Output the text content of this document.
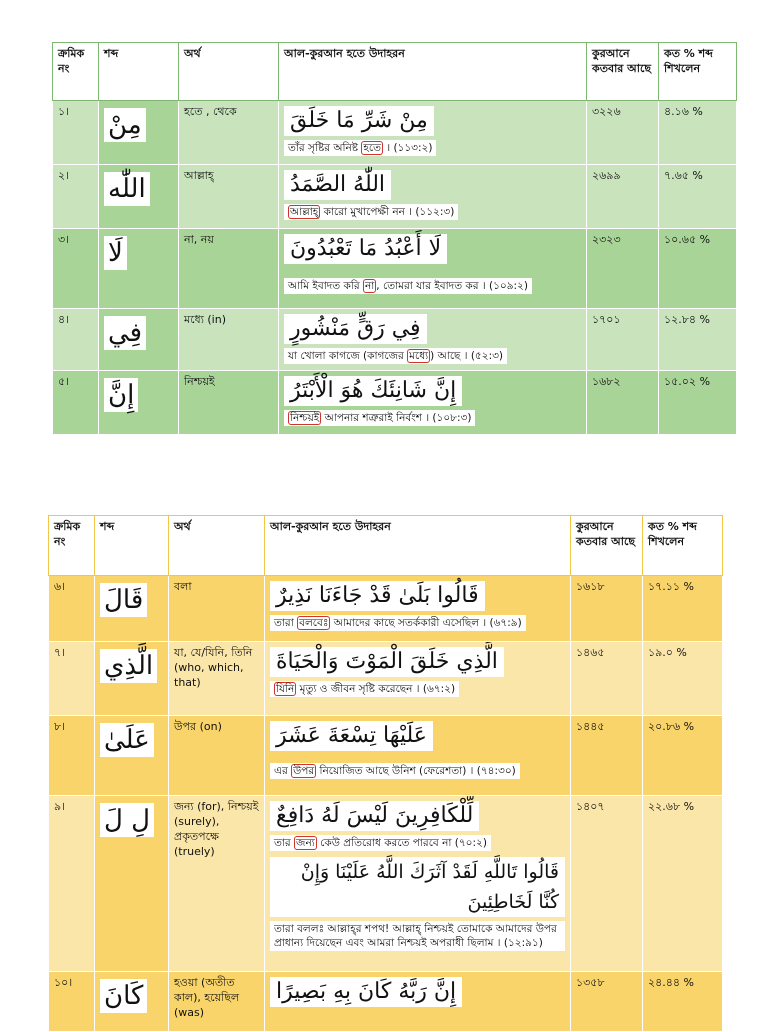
ক্রমিক নং	শব্দ	অর্থ	আল-কুরআন হতে উদাহরন	কুরআনে কতবার আছে	কত % শব্দ শিখলেন
১।	مِنْ	হতে , থেকে	مِنْ شَرِّ مَا خَلَقَ
তাঁর সৃষ্টির অনিষ্ট হতে । (১১৩:২)	৩২২৬	৪.১৬ %
২।	اللّٰه	আল্লাহ্‌	اللّٰهُ الصَّمَدُ
আল্লাহ্‌ কারো মুখাপেক্ষী নন । (১১২:৩)	২৬৯৯	৭.৬৫ %
৩।	لَا	না, নয়	لَا أَعْبُدُ مَا تَعْبُدُونَ
আমি ইবাদত করি না , তোমরা যার ইবাদত কর । (১০৯:২)	২৩২৩	১০.৬৫ %
৪।	فِي	মধ্যে (in)	فِي رَقٍّ مَنْشُورٍ
যা খোলা কাগজে (কাগজের মধ্যে ) আছে । (৫২:৩)	১৭০১	১২.৮৪ %
৫।	إِنَّ	নিশ্চয়ই	إِنَّ شَانِئَكَ هُوَ الْأَبْتَرُ
নিশ্চয়ই আপনার শত্রুরাই নির্বংশ । (১০৮:৩)	১৬৮২	১৫.০২ %
ক্রমিক নং	শব্দ	অর্থ	আল-কুরআন হতে উদাহরন	কুরআনে কতবার আছে	কত % শব্দ শিখলেন
৬।	قَالَ	বলা	قَالُوا بَلَىٰ قَدْ جَاءَنَا نَذِيرٌ
তারা বলবেঃ আমাদের কাছে সতর্ককারী এসেছিল । (৬৭:৯)	১৬১৮	১৭.১১ %
৭।	الَّذِي	যা, যে/যিনি, তিনি (who, which, that)	الَّذِي خَلَقَ الْمَوْتَ وَالْحَيَاةَ
যিনি মৃত্যু ও জীবন সৃষ্টি করেছেন । (৬৭:২)	১৪৬৫	১৯.০ %
৮।	عَلَىٰ	উপর (on)	عَلَيْهَا تِسْعَةَ عَشَرَ
এর উপর নিয়োজিত আছে উনিশ (ফেরেশতা) । (৭৪:৩০)	১৪৪৫	২০.৮৬ %
৯।	لِ لَ	জন্য (for), নিশ্চয়ই (surely), প্রকৃতপক্ষে (truely)	لِّلْكَافِرِينَ لَيْسَ لَهُ دَافِعٌ
তার জন্য কেউ প্রতিরোধ করতে পারবে না (৭০:২)
قَالُوا تَاللَّهِ لَقَدْ آثَرَكَ اللَّهُ عَلَيْنَا وَإِنْ كُنَّا لَخَاطِئِينَ
তারা বললঃ আল্লাহ্‌র শপথ! আল্লাহ্‌ নিশ্চয়ই তোমাকে আমাদের উপর প্রাধান্য দিয়েছেন এবং আমরা নিশ্চয়ই অপরাধী ছিলাম । (১২:৯১)	১৪০৭	২২.৬৮ %
১০।	كَانَ	হওয়া (অতীত কাল), হয়েছিল (was)	إِنَّ رَبَّهُ كَانَ بِهِ بَصِيرًا	১৩৫৮	২৪.৪৪ %
